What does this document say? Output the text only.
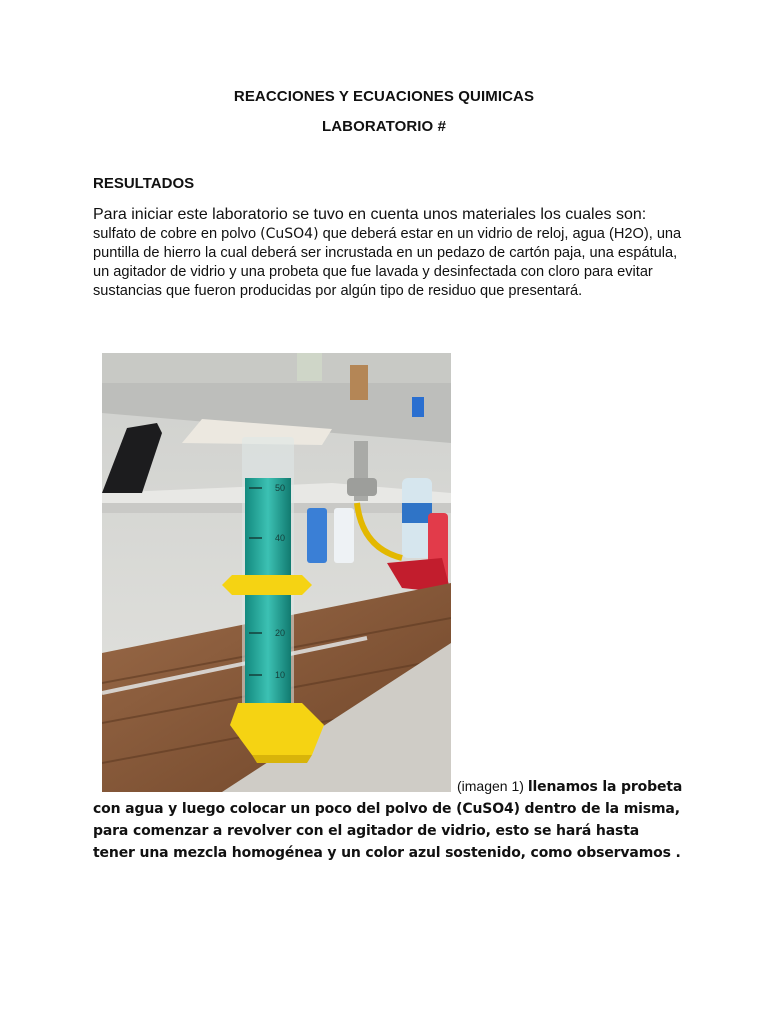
REACCIONES Y ECUACIONES QUIMICAS
LABORATORIO #
RESULTADOS
Para iniciar este laboratorio se tuvo en cuenta unos materiales los cuales son:
sulfato de cobre en polvo (CuSO4) que deberá estar en un vidrio de reloj, agua (H2O), una puntilla de hierro la cual deberá ser incrustada en un pedazo de cartón paja, una espátula, un agitador de vidrio y una probeta que fue lavada y desinfectada con cloro para evitar sustancias que fueron producidas por algún tipo de residuo que presentará.
50
40
20
10
(imagen 1) llenamos la probeta con agua y luego colocar un poco del polvo de (CuSO4) dentro de la misma, para comenzar a revolver con el agitador de vidrio, esto se hará hasta tener una mezcla homogénea y un color azul sostenido, como observamos .
